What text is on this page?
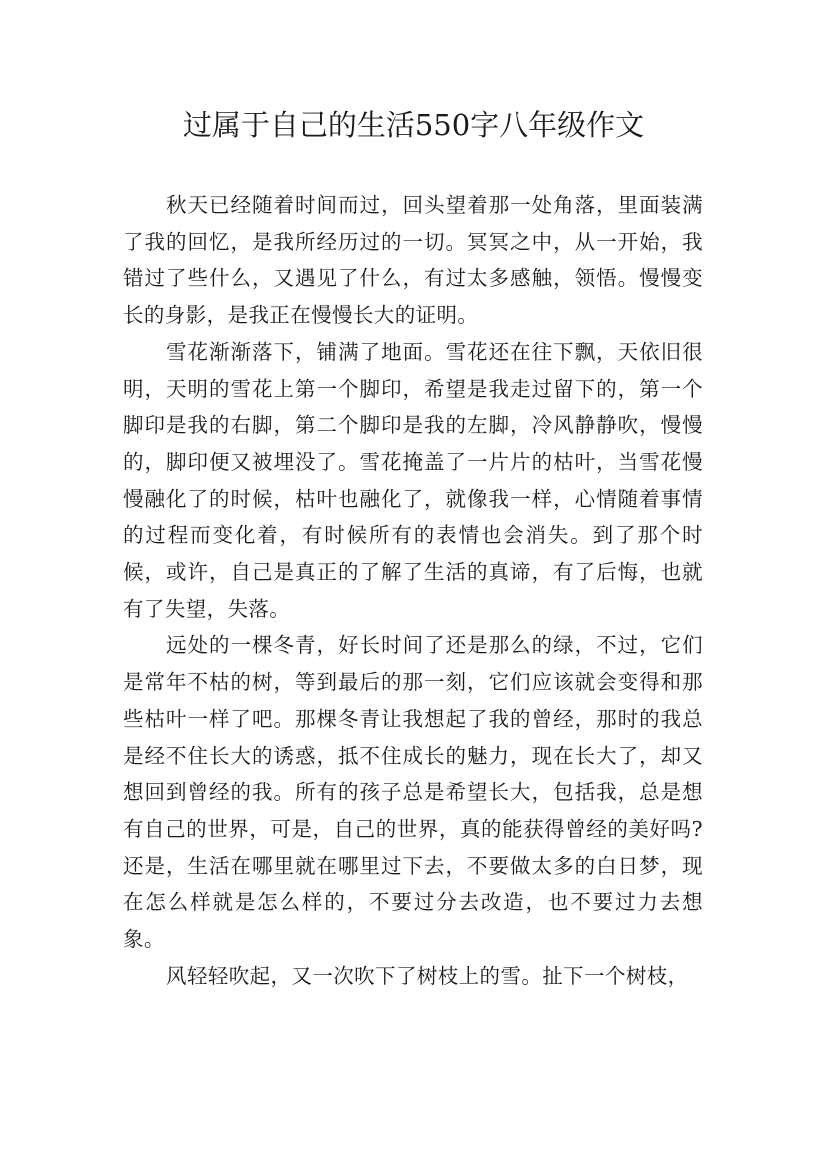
过属于自己的生活550字八年级作文

秋天已经随着时间而过，回头望着那一处角落，里面装满了我的回忆，是我所经历过的一切。冥冥之中，从一开始，我错过了些什么，又遇见了什么，有过太多感触，领悟。慢慢变长的身影，是我正在慢慢长大的证明。

雪花渐渐落下，铺满了地面。雪花还在往下飘，天依旧很明，天明的雪花上第一个脚印，希望是我走过留下的，第一个脚印是我的右脚，第二个脚印是我的左脚，冷风静静吹，慢慢的，脚印便又被埋没了。雪花掩盖了一片片的枯叶，当雪花慢慢融化了的时候，枯叶也融化了，就像我一样，心情随着事情的过程而变化着，有时候所有的表情也会消失。到了那个时候，或许，自己是真正的了解了生活的真谛，有了后悔，也就有了失望，失落。

远处的一棵冬青，好长时间了还是那么的绿，不过，它们是常年不枯的树，等到最后的那一刻，它们应该就会变得和那些枯叶一样了吧。那棵冬青让我想起了我的曾经，那时的我总是经不住长大的诱惑，抵不住成长的魅力，现在长大了，却又想回到曾经的我。所有的孩子总是希望长大，包括我，总是想有自己的世界，可是，自己的世界，真的能获得曾经的美好吗?还是，生活在哪里就在哪里过下去，不要做太多的白日梦，现在怎么样就是怎么样的，不要过分去改造，也不要过力去想象。

风轻轻吹起，又一次吹下了树枝上的雪。扯下一个树枝，
